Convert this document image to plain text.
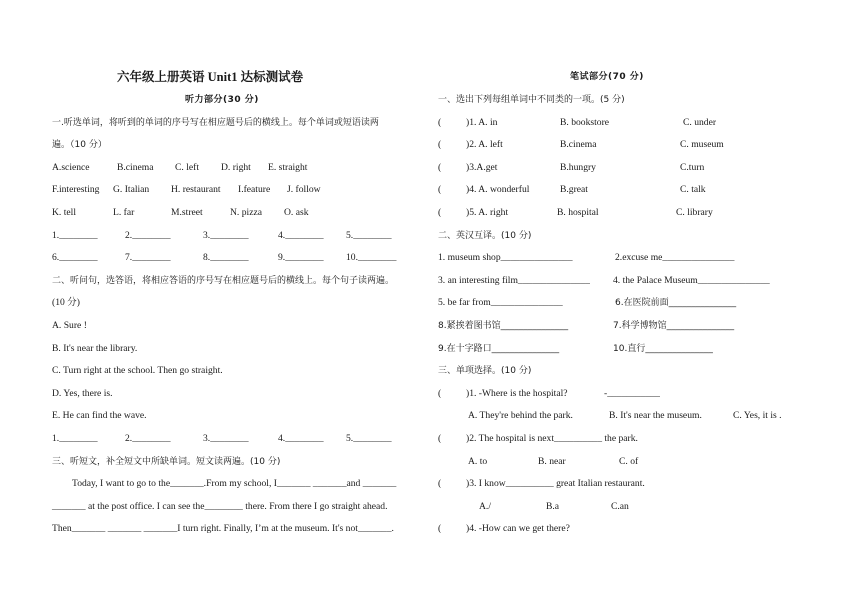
六年级上册英语 Unit1 达标测试卷
听力部分(30 分)
一.听选单词，将听到的单词的序号写在相应题号后的横线上。每个单词或短语读两
遍。（10 分）
A.science	B.cinema C. left D. right E. straight
F.interesting G. Italian H. restaurant I.feature J. follow
K. tell	L. far	M.street	N. pizza O. ask
1.________	2.________	3.________	4.________ 5.________
6.________	7.________	8.________	9.________ 10.________
二、听问句，选答语，将相应答语的序号写在相应题号后的横线上。每个句子读两遍。
(10 分)
A. Sure !
B. It's near the library.
C. Turn right at the school. Then go straight.
D. Yes, there is.
E. He can find the wave.
1.________	2.________	3.________	4.________ 5.________
三、听短文，补全短文中所缺单词。短文读两遍。(10 分)
Today, I want to go to the_______.From my school, I_______ _______and _______
_______ at the post office. I can see the________ there. From there I go straight ahead.
Then_______ _______ _______I turn right. Finally, I’m at the museum. It's not_______.
笔试部分(70 分)
一、选出下列每组单词中不同类的一项。(5 分)
(	)1. A. in	B. bookstore	C. under
(	)2. A. left	B.cinema	C. museum
(	)3.A.get	B.hungry	C.turn
(	)4. A. wonderful	B.great	C. talk
(	)5. A. right	B. hospital	C. library
二、英汉互译。(10 分)
1. museum shop_______________	2.excuse me_______________
3. an interesting film_______________ 4. the Palace Museum_______________
5. be far from_______________	6.在医院前面_______________
8.紧挨着图书馆_______________	7.科学博物馆_______________
9.在十字路口_______________	10.直行_______________
三、单项选择。(10 分)
(	)1. -Where is the hospital?	-___________
A. They're behind the park.	B. It's near the museum.	C. Yes, it is .
(	)2. The hospital is next__________ the park.
A. to	B. near	C. of
(	)3. I know__________ great Italian restaurant.
A./	B.a	C.an
(	)4. -How can we get there?
